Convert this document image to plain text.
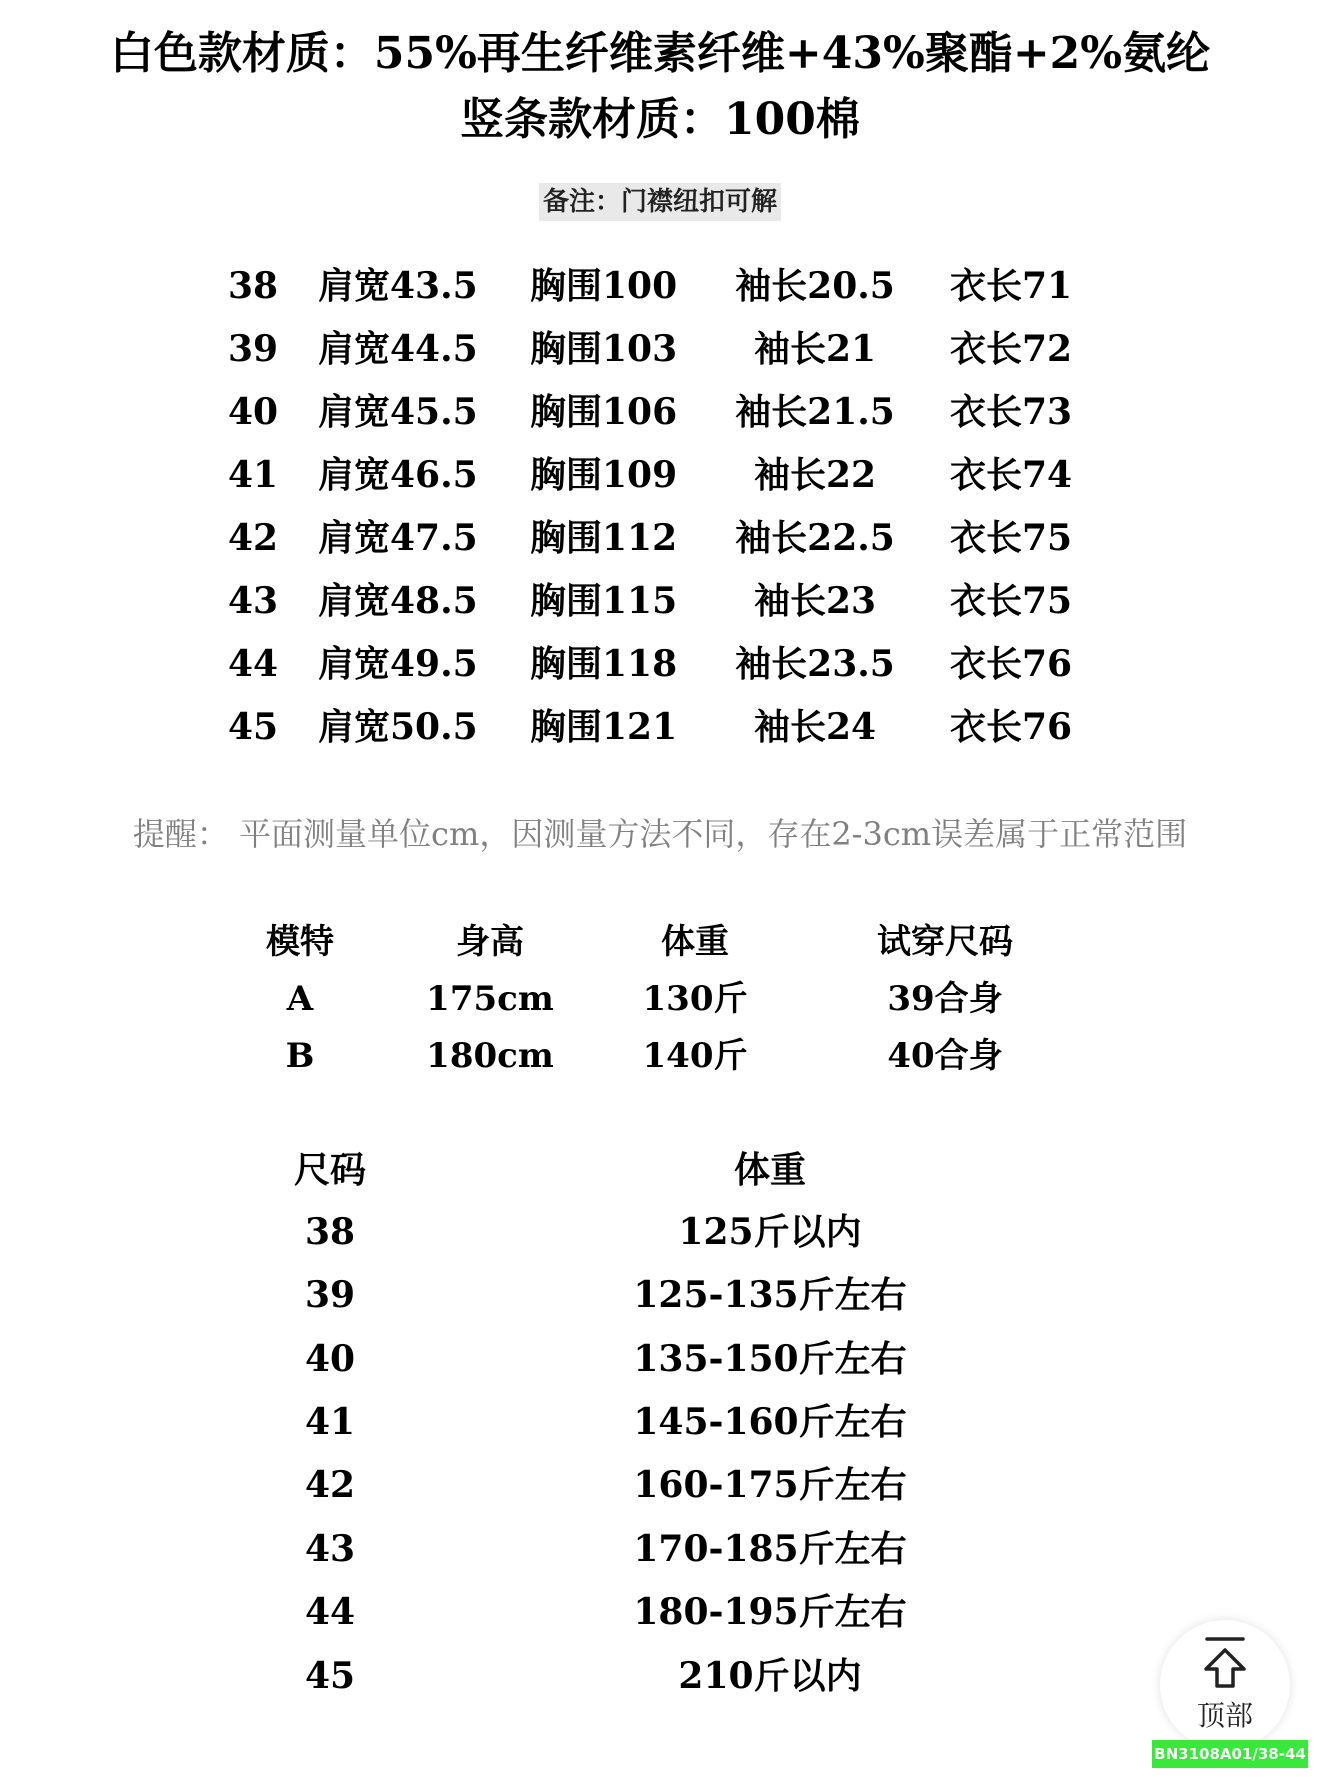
白色款材质：55%再生纤维素纤维+43%聚酯+2%氨纶
竖条款材质：100棉
备注：门襟纽扣可解
38	肩宽43.5 胸围100	袖长20.5	衣长71
39	肩宽44.5 胸围103	袖长21	衣长72
40	肩宽45.5 胸围106	袖长21.5	衣长73
41	肩宽46.5 胸围109	袖长22	衣长74
42	肩宽47.5 胸围112	袖长22.5	衣长75
43	肩宽48.5 胸围115	袖长23	衣长75
44	肩宽49.5 胸围118	袖长23.5	衣长76
45	肩宽50.5 胸围121	袖长24	衣长76
提醒： 平面测量单位cm，因测量方法不同，存在2-3cm误差属于正常范围
模特	身高	体重	试穿尺码
A	175cm	130斤	39合身
B	180cm	140斤	40合身
尺码	体重
38	125斤以内
39	125-135斤左右
40	135-150斤左右
41	145-160斤左右
42	160-175斤左右
43	170-185斤左右
44	180-195斤左右
45	210斤以内
顶部
BN3108A01/38-44
